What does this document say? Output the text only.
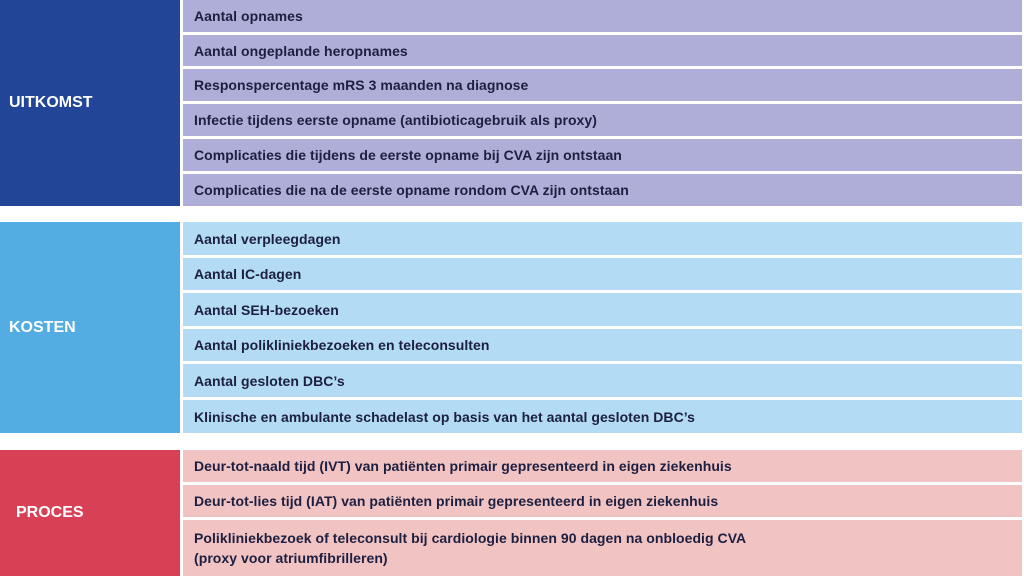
UITKOMST
Aantal opnames
Aantal ongeplande heropnames
Responspercentage mRS 3 maanden na diagnose
Infectie tijdens eerste opname (antibioticagebruik als proxy)
Complicaties die tijdens de eerste opname bij CVA zijn ontstaan
Complicaties die na de eerste opname rondom CVA zijn ontstaan
KOSTEN
Aantal verpleegdagen
Aantal IC-dagen
Aantal SEH-bezoeken
Aantal polikliniekbezoeken en teleconsulten
Aantal gesloten DBC’s
Klinische en ambulante schadelast op basis van het aantal gesloten DBC’s
PROCES
Deur-tot-naald tijd (IVT) van patiënten primair gepresenteerd in eigen ziekenhuis
Deur-tot-lies tijd (IAT) van patiënten primair gepresenteerd in eigen ziekenhuis
Polikliniekbezoek of teleconsult bij cardiologie binnen 90 dagen na onbloedig CVA
(proxy voor atriumfibrilleren)
